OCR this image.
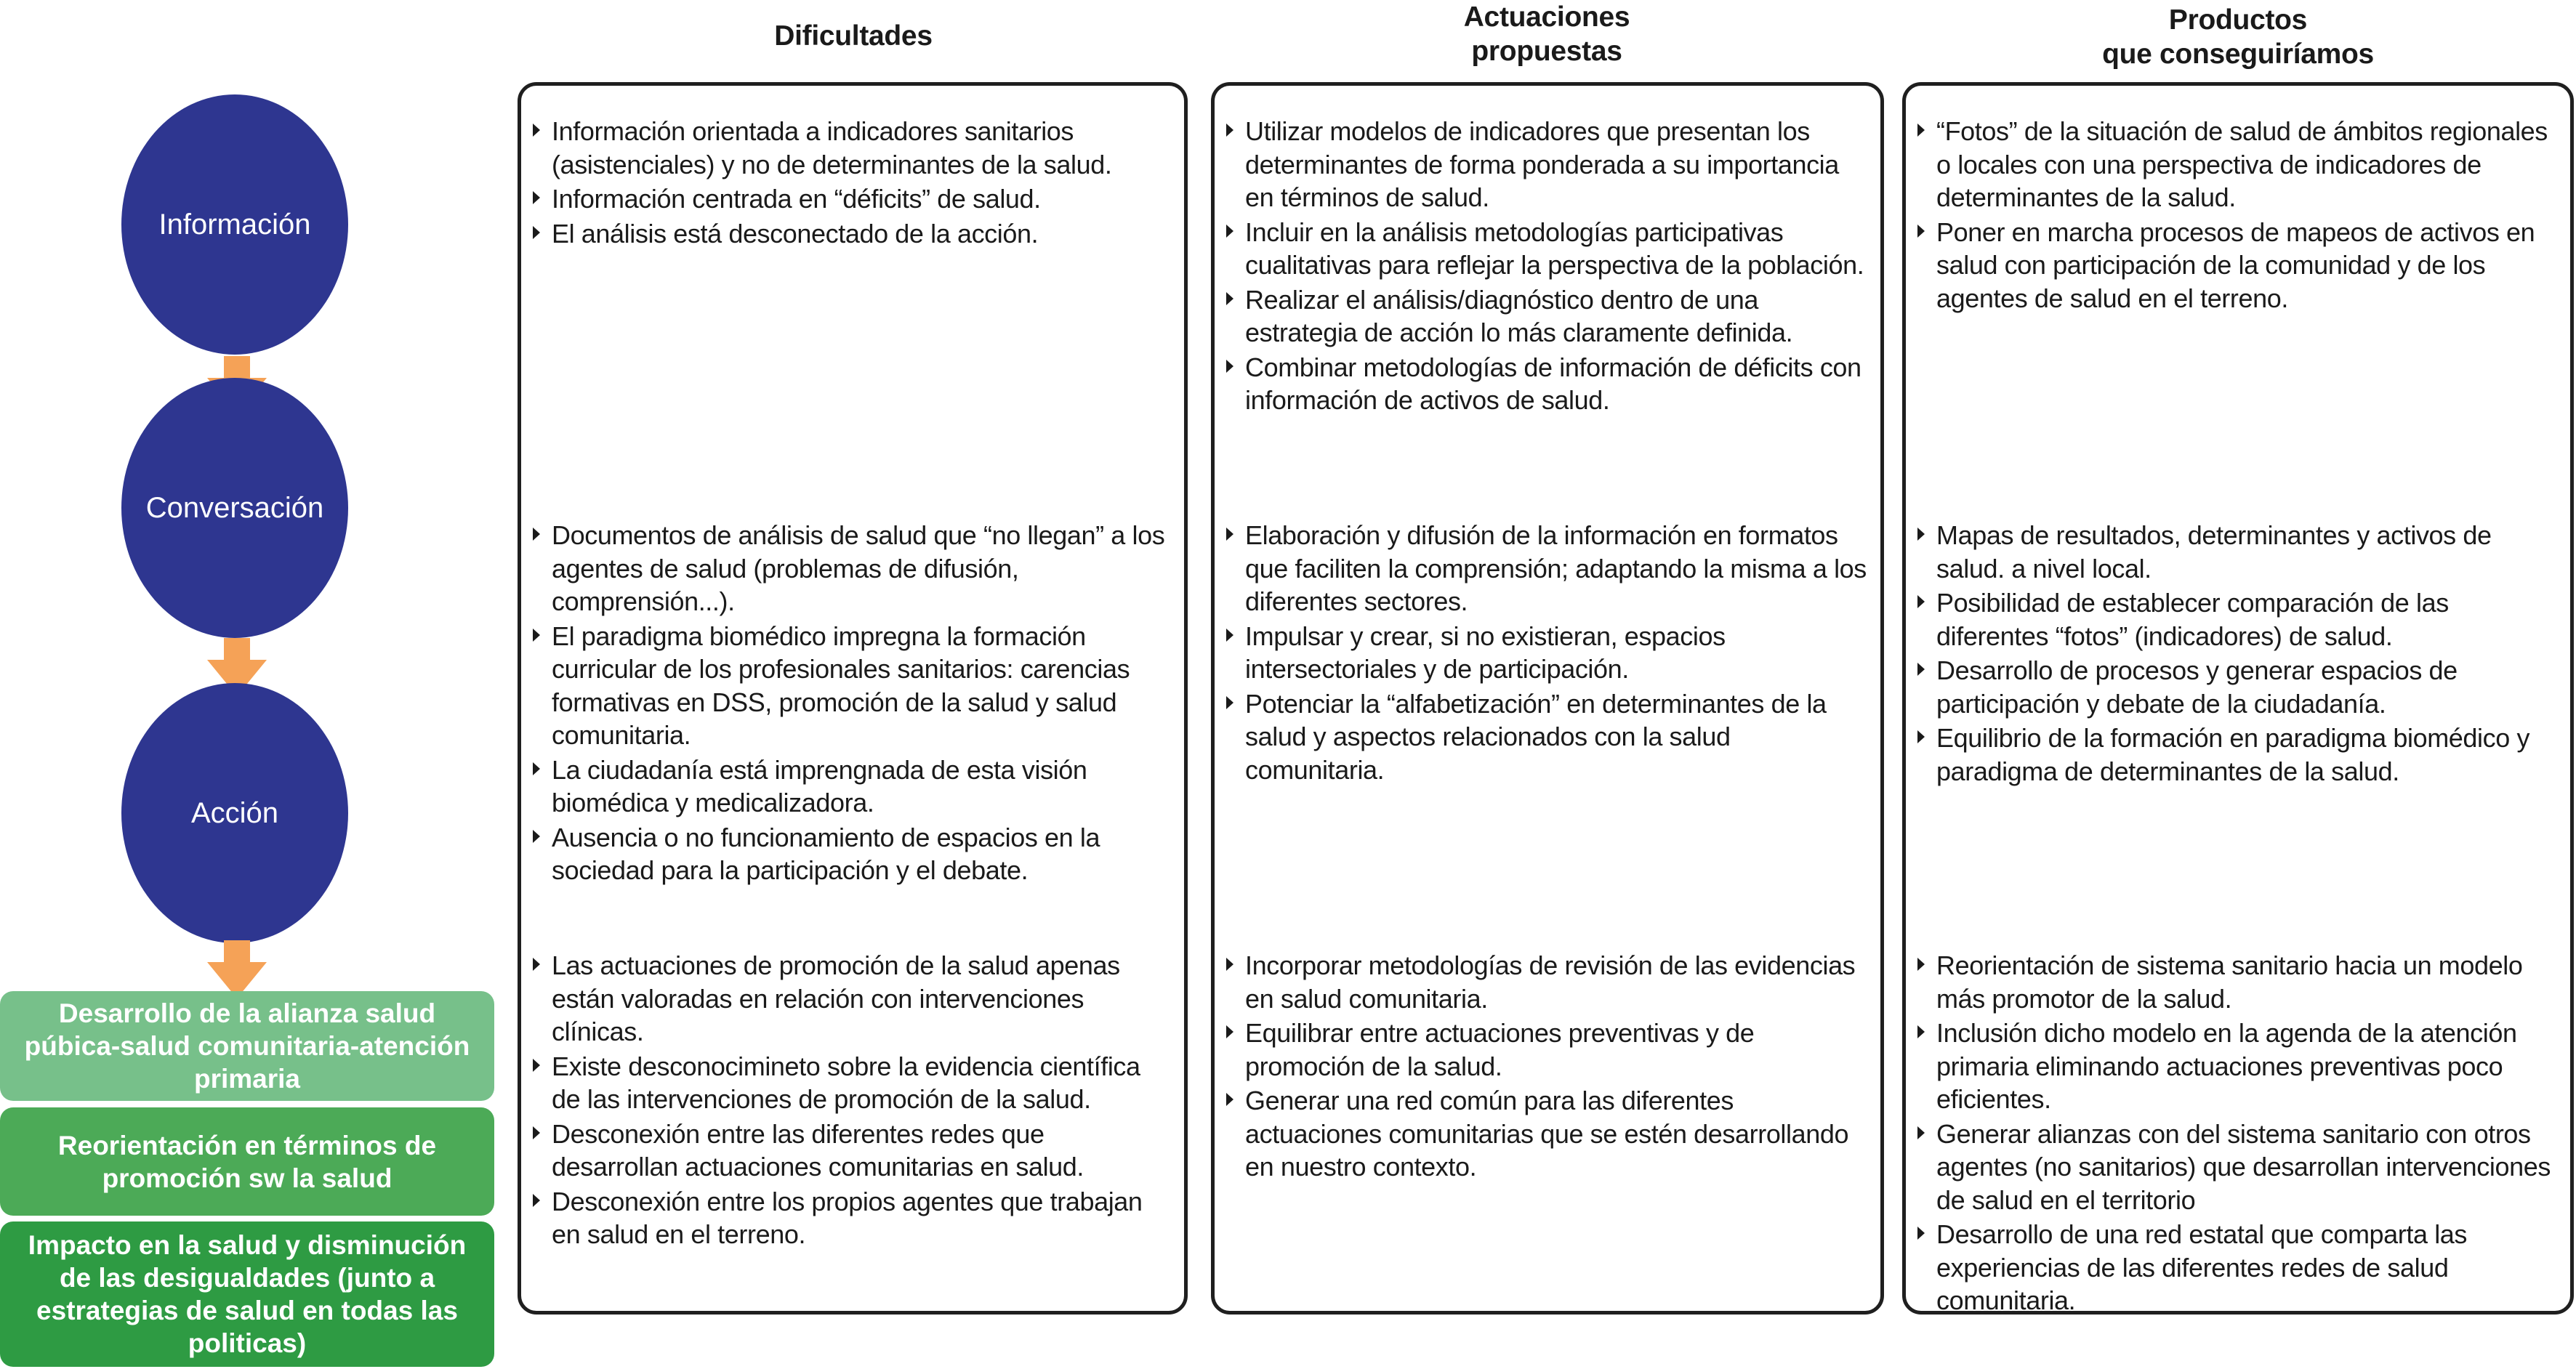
Información
Conversación
Acción
Desarrollo de la alianza salud púbica-salud comunitaria-atención primaria
Reorientación en términos de promoción sw la salud
Impacto en la salud y disminución de las desigualdades (junto a estrategias de salud en todas las politicas)
Dificultades
Actuaciones
propuestas
Productos
que conseguiríamos
Información orientada a indicadores sanitarios (asistenciales) y no de determinantes de la salud.
Información centrada en “déficits” de salud.
El análisis está desconectado de la acción.
Documentos de análisis de salud que “no llegan” a los agentes de salud (problemas de difusión, comprensión...).
El paradigma biomédico impregna la formación curricular de los profesionales sanitarios: carencias formativas en DSS, promoción de la salud y salud comunitaria.
La ciudadanía está imprengnada de esta visión biomédica y medicalizadora.
Ausencia o no funcionamiento de espacios en la sociedad para la participación y el debate.
Las actuaciones de promoción de la salud apenas están valoradas en relación con intervenciones clínicas.
Existe desconocimineto sobre la evidencia científica de las intervenciones de promoción de la salud.
Desconexión entre las diferentes redes que desarrollan actuaciones comunitarias en salud.
Desconexión entre los propios agentes que trabajan en salud en el terreno.
Utilizar modelos de indicadores que presentan los determinantes de forma ponderada a su importancia en términos de salud.
Incluir en la análisis metodologías participativas cualitativas para reflejar la perspectiva de la población.
Realizar el análisis/diagnóstico dentro de una estrategia de acción lo más claramente definida.
Combinar metodologías de información de déficits con información de activos de salud.
Elaboración y difusión de la información en formatos que faciliten la comprensión; adaptando la misma a los diferentes sectores.
Impulsar y crear, si no existieran, espacios intersectoriales y de participación.
Potenciar la “alfabetización” en determinantes de la salud y aspectos relacionados con la salud comunitaria.
Incorporar metodologías de revisión de las evidencias en salud comunitaria.
Equilibrar entre actuaciones preventivas y de promoción de la salud.
Generar una red común para las diferentes actuaciones comunitarias que se estén desarrollando en nuestro contexto.
“Fotos” de la situación de salud de ámbitos regionales o locales con una perspectiva de indicadores de determinantes de la salud.
Poner en marcha procesos de mapeos de activos en salud con participación de la comunidad y de los agentes de salud en el terreno.
Mapas de resultados, determinantes y activos de salud. a nivel local.
Posibilidad de establecer comparación de las diferentes “fotos” (indicadores) de salud.
Desarrollo de procesos y generar espacios de participación y debate de la ciudadanía.
Equilibrio de la formación en paradigma biomédico y paradigma de determinantes de la salud.
Reorientación de sistema sanitario hacia un modelo más promotor de la salud.
Inclusión dicho modelo en la agenda de la atención primaria eliminando actuaciones preventivas poco eficientes.
Generar alianzas con del sistema sanitario con otros agentes (no sanitarios) que desarrollan intervenciones de salud en el territorio
Desarrollo de una red estatal que comparta las experiencias de las diferentes redes de salud comunitaria.
